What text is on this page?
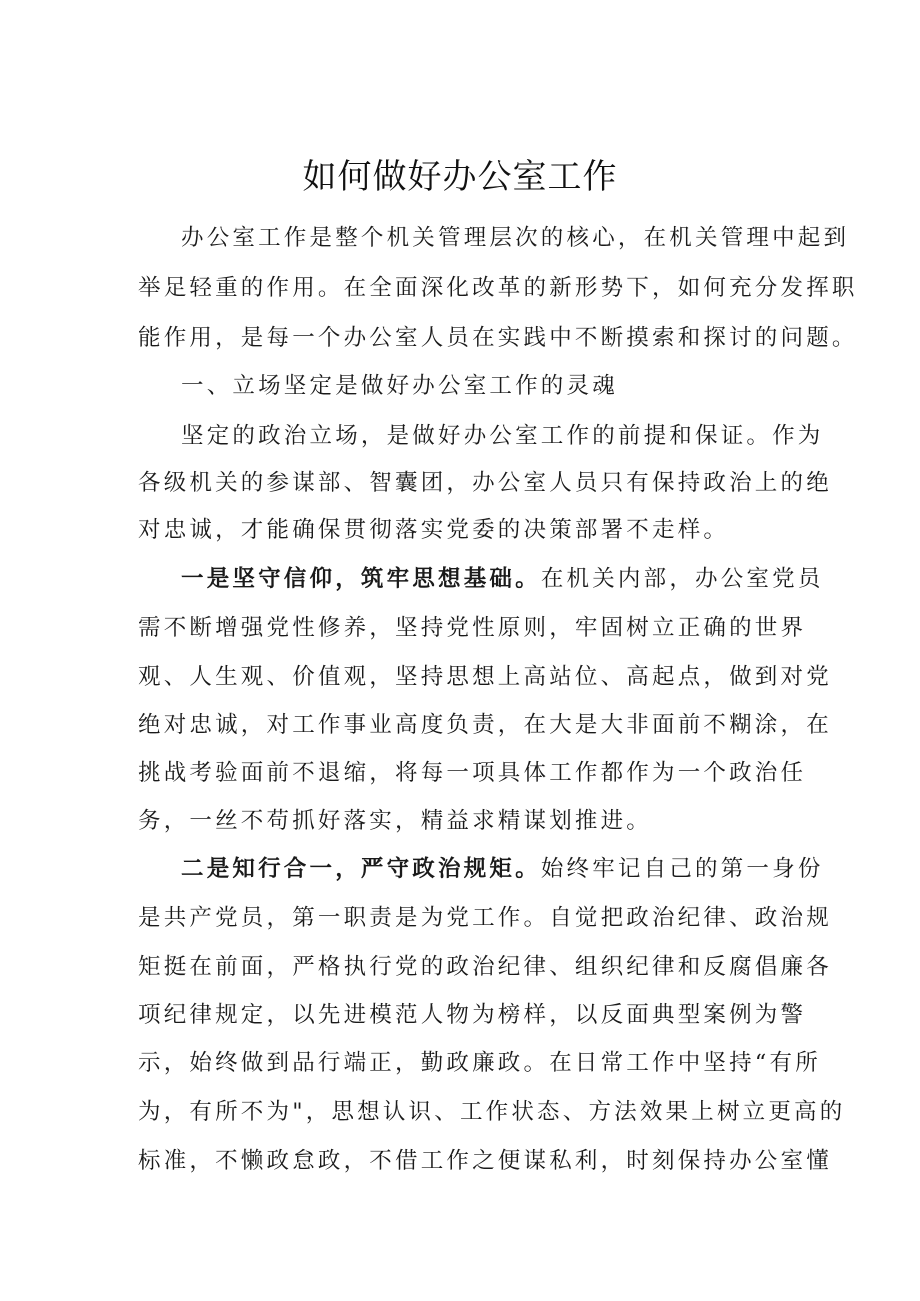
如何做好办公室工作

办公室工作是整个机关管理层次的核心，在机关管理中起到

举足轻重的作用。在全面深化改革的新形势下，如何充分发挥职

能作用，是每一个办公室人员在实践中不断摸索和探讨的问题。

一、立场坚定是做好办公室工作的灵魂

坚定的政治立场，是做好办公室工作的前提和保证。作为

各级机关的参谋部、智囊团，办公室人员只有保持政治上的绝

对忠诚，才能确保贯彻落实党委的决策部署不走样。

一是坚守信仰，筑牢思想基础。在机关内部，办公室党员

需不断增强党性修养，坚持党性原则，牢固树立正确的世界

观、人生观、价值观，坚持思想上高站位、高起点，做到对党

绝对忠诚，对工作事业高度负责，在大是大非面前不糊涂，在

挑战考验面前不退缩，将每一项具体工作都作为一个政治任

务，一丝不苟抓好落实，精益求精谋划推进。

二是知行合一，严守政治规矩。始终牢记自己的第一身份

是共产党员，第一职责是为党工作。自觉把政治纪律、政治规

矩挺在前面，严格执行党的政治纪律、组织纪律和反腐倡廉各

项纪律规定，以先进模范人物为榜样，以反面典型案例为警

示，始终做到品行端正，勤政廉政。在日常工作中坚持“有所

为，有所不为"，思想认识、工作状态、方法效果上树立更高的

标准，不懒政怠政，不借工作之便谋私利，时刻保持办公室懂
